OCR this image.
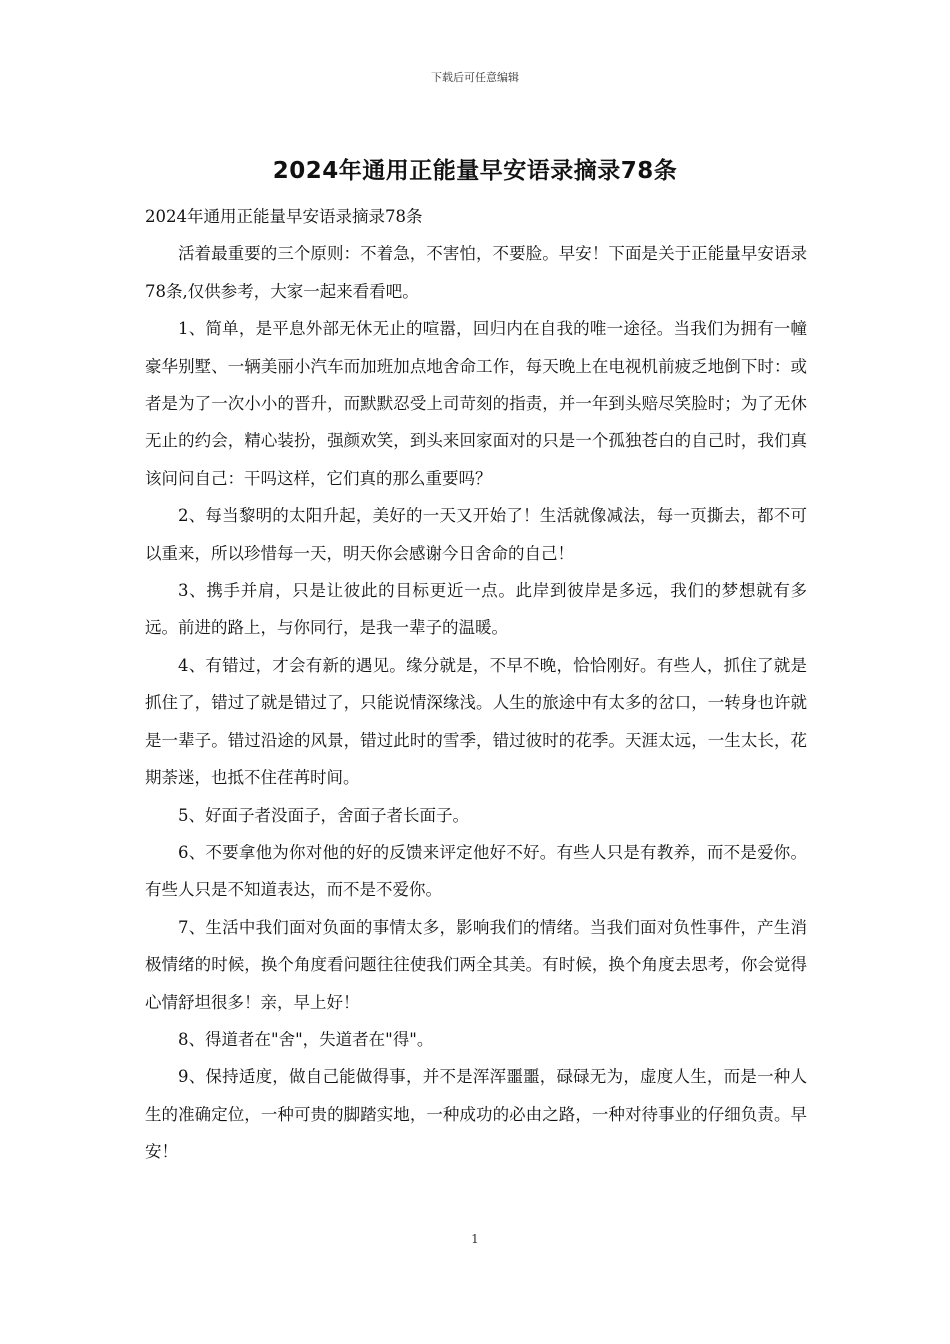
下载后可任意编辑
2024年通用正能量早安语录摘录78条

2024年通用正能量早安语录摘录78条

活着最重要的三个原则：不着急，不害怕，不要脸。早安！下面是关于正能量早安语录78条,仅供参考，大家一起来看看吧。

1、简单，是平息外部无休无止的喧嚣，回归内在自我的唯一途径。当我们为拥有一幢豪华别墅、一辆美丽小汽车而加班加点地舍命工作，每天晚上在电视机前疲乏地倒下时：或者是为了一次小小的晋升，而默默忍受上司苛刻的指责，并一年到头赔尽笑脸时；为了无休无止的约会，精心装扮，强颜欢笑，到头来回家面对的只是一个孤独苍白的自己时，我们真该问问自己：干吗这样，它们真的那么重要吗？

2、每当黎明的太阳升起，美好的一天又开始了！生活就像减法，每一页撕去，都不可以重来，所以珍惜每一天，明天你会感谢今日舍命的自己！

3、携手并肩，只是让彼此的目标更近一点。此岸到彼岸是多远，我们的梦想就有多远。前进的路上，与你同行，是我一辈子的温暖。

4、有错过，才会有新的遇见。缘分就是，不早不晚，恰恰刚好。有些人，抓住了就是抓住了，错过了就是错过了，只能说情深缘浅。人生的旅途中有太多的岔口，一转身也许就是一辈子。错过沿途的风景，错过此时的雪季，错过彼时的花季。天涯太远，一生太长，花期荼迷，也抵不住荏苒时间。

5、好面子者没面子，舍面子者长面子。

6、不要拿他为你对他的好的反馈来评定他好不好。有些人只是有教养，而不是爱你。有些人只是不知道表达，而不是不爱你。

7、生活中我们面对负面的事情太多，影响我们的情绪。当我们面对负性事件，产生消极情绪的时候，换个角度看问题往往使我们两全其美。有时候，换个角度去思考，你会觉得心情舒坦很多！亲，早上好！

8、得道者在"舍"，失道者在"得"。

9、保持适度，做自己能做得事，并不是浑浑噩噩，碌碌无为，虚度人生，而是一种人生的准确定位，一种可贵的脚踏实地，一种成功的必由之路，一种对待事业的仔细负责。早安！

1
